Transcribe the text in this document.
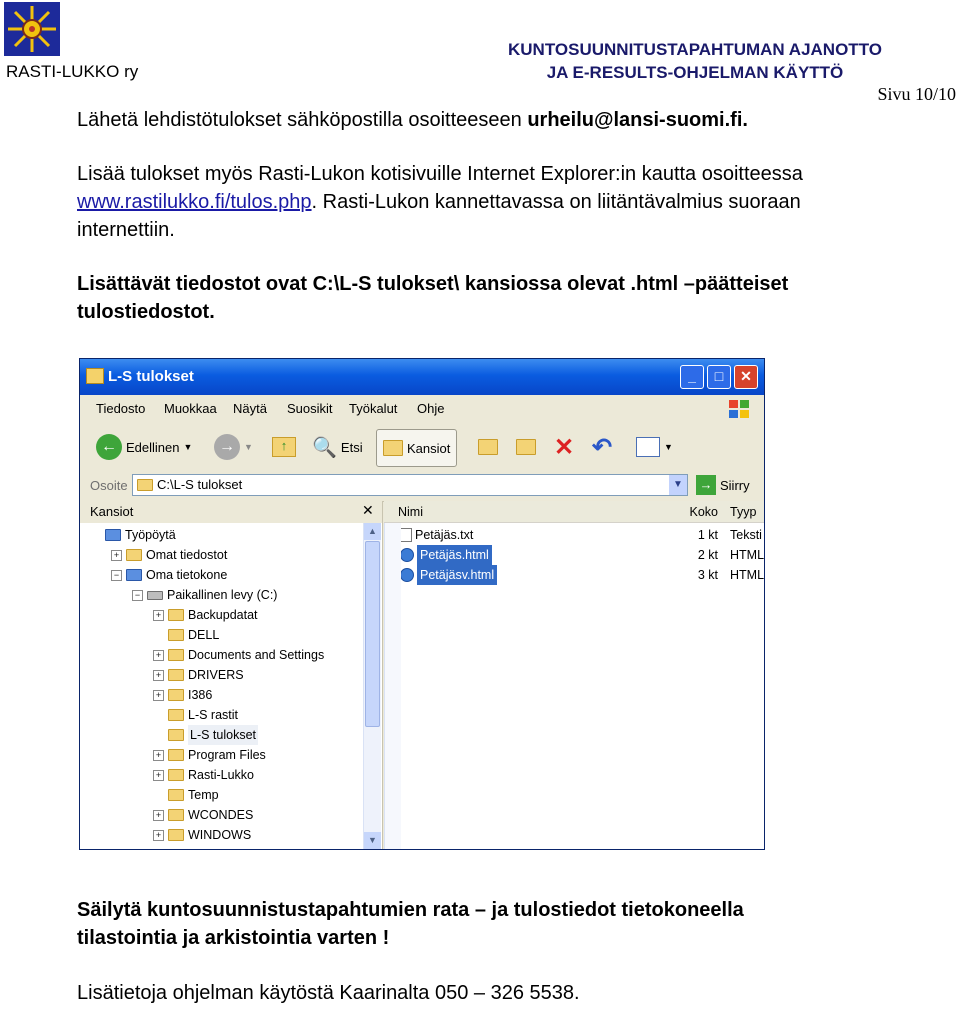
RASTI-LUKKO ry
KUNTOSUUNNITUSTAPAHTUMAN AJANOTTO
JA E-RESULTS-OHJELMAN KÄYTTÖ
Sivu 10/10
Lähetä lehdistötulokset sähköpostilla osoitteeseen urheilu@lansi-suomi.fi.
Lisää tulokset myös Rasti-Lukon kotisivuille Internet Explorer:in kautta osoitteessa
www.rastilukko.fi/tulos.php. Rasti-Lukon kannettavassa on liitäntävalmius suoraan
internettiin.
Lisättävät tiedostot ovat C:\L-S tulokset\ kansiossa olevat .html –päätteiset
tulostiedostot.
L-S tulokset	_	□	✕
Tiedosto Muokkaa Näytä Suosikit Työkalut Ohje
← Edellinen ▼	→	▼	↑	🔍 Etsi	Kansiot	✕ ↶	▼
Osoite	C:\L-S tulokset	▼	→ Siirry
Kansiot	✕
Työpöytä
+ Omat tiedostot
− Oma tietokone
− Paikallinen levy (C:)
+ Backupdatat
DELL
+ Documents and Settings
+ DRIVERS
+ I386
L-S rastit
L-S tulokset
+ Program Files
+ Rasti-Lukko
Temp
+ WCONDES
+ WINDOWS
▲
▼
Nimi	Koko Tyyp
Petäjäs.txt	1 kt Teksti
Petäjäs.html	2 kt HTML
Petäjäsv.html	3 kt HTML
Säilytä kuntosuunnistustapahtumien rata – ja tulostiedot tietokoneella
tilastointia ja arkistointia varten !
Lisätietoja ohjelman käytöstä Kaarinalta 050 – 326 5538.
